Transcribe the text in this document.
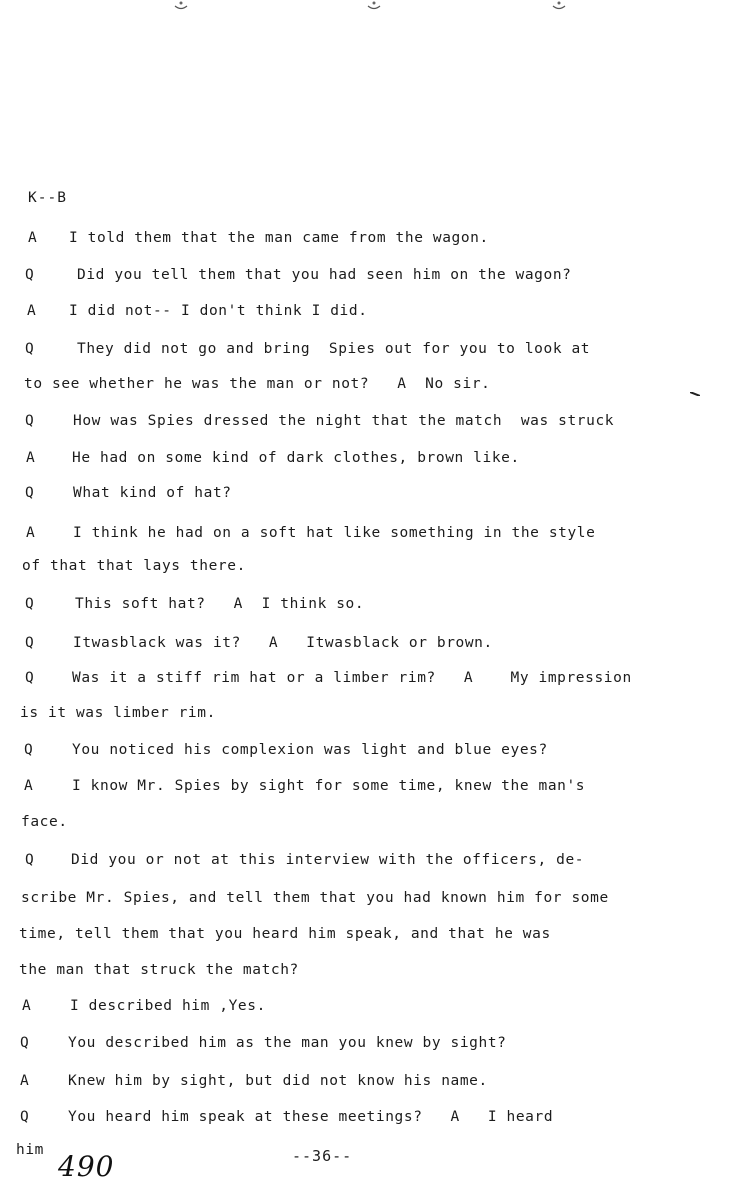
K--B
A I told them that the man came from the wagon.
Q	Did you tell them that you had seen him on the wagon?
A I did not-- I don't think I did.
Q	They did not go and bring  Spies out for you to look at
to see whether he was the man or not?   A  No sir.
Q	How was Spies dressed the night that the match  was struck
A	He had on some kind of dark clothes, brown like.
Q	What kind of hat?
A	I think he had on a soft hat like something in the style
of that that lays there.
Q	This soft hat?   A  I think so.
Q	Itwasblack was it?   A   Itwasblack or brown.
Q	Was it a stiff rim hat or a limber rim?   A    My impression
is it was limber rim.
Q	You noticed his complexion was light and blue eyes?
A	I know Mr. Spies by sight for some time, knew the man's
face.
Q	Did you or not at this interview with the officers, de-
scribe Mr. Spies, and tell them that you had known him for some
time, tell them that you heard him speak, and that he was
the man that struck the match?
A	I described him ,Yes.
Q	You described him as the man you knew by sight?
A	Knew him by sight, but did not know his name.
Q	You heard him speak at these meetings?   A   I heard
him 490	--36--
